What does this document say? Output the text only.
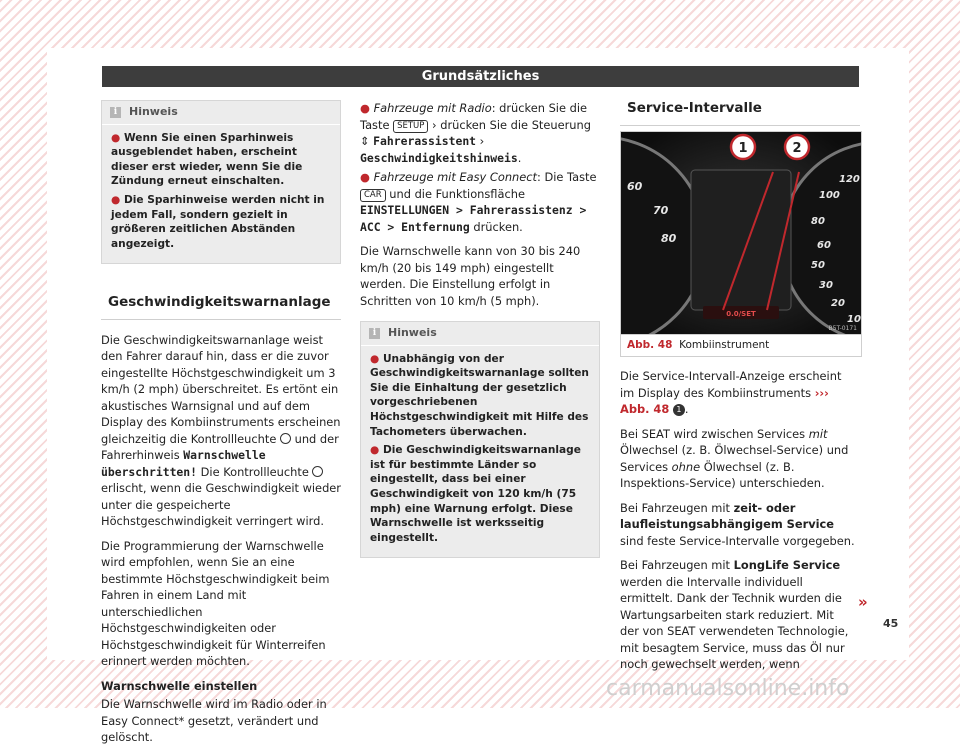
Grundsätzliches
i	Hinweis
● Wenn Sie einen Sparhinweis ausgeblendet haben, erscheint dieser erst wieder, wenn Sie die Zündung erneut einschalten.
● Die Sparhinweise werden nicht in jedem Fall, sondern gezielt in größeren zeitlichen Abständen angezeigt.
Geschwindigkeitswarnanlage

Die Geschwindigkeitswarnanlage weist den Fahrer darauf hin, dass er die zuvor eingestellte Höchstgeschwindigkeit um 3 km/h (2 mph) überschreitet. Es ertönt ein akustisches Warnsignal und auf dem Display des Kombiinstruments erscheinen gleichzeitig die Kontrollleuchte und der Fahrerhinweis Warnschwelle überschritten! Die Kontrollleuchte  erlischt, wenn die Geschwindigkeit wieder unter die gespeicherte Höchstgeschwindigkeit verringert wird.

Die Programmierung der Warnschwelle wird empfohlen, wenn Sie an eine bestimmte Höchstgeschwindigkeit beim Fahren in einem Land mit unterschiedlichen Höchstgeschwindigkeiten oder Höchstgeschwindigkeit für Winterreifen erinnert werden möchten.

Warnschwelle einstellen

Die Warnschwelle wird im Radio oder in Easy Connect* gesetzt, verändert und gelöscht.

● Fahrzeuge mit Radio: drücken Sie die Taste SETUP › drücken Sie die Steuerung ⇕ Fahrerassistent › Geschwindigkeitshinweis.

● Fahrzeuge mit Easy Connect: Die Taste CAR und die Funktionsfläche EINSTELLUNGEN > Fahrerassistenz > ACC > Entfernung drücken.

Die Warnschwelle kann von 30 bis 240 km/h (20 bis 149 mph) eingestellt werden. Die Einstellung erfolgt in Schritten von 10 km/h (5 mph).

i	Hinweis
● Unabhängig von der Geschwindigkeitswarnanlage sollten Sie die Einhaltung der gesetzlich vorgeschriebenen Höchstgeschwindigkeit mit Hilfe des Tachometers überwachen.
● Die Geschwindigkeitswarnanlage ist für bestimmte Länder so eingestellt, dass bei einer Geschwindigkeit von 120 km/h (75 mph) eine Warnung erfolgt. Diese Warnschwelle ist werksseitig eingestellt.
Service-Intervalle
0.0/SET
1	2
60
70
80
120
100
80
60
50
30
20
10
B5T-0171
Abb. 48 Kombiinstrument

Die Service-Intervall-Anzeige erscheint im Display des Kombiinstruments ››› Abb. 48 1 .

Bei SEAT wird zwischen Services mit Ölwechsel (z. B. Ölwechsel-Service) und Services ohne Ölwechsel (z. B. Inspektions-Service) unterschieden.

Bei Fahrzeugen mit zeit- oder laufleistungsabhängigem Service sind feste Service-Intervalle vorgegeben.

Bei Fahrzeugen mit LongLife Service werden die Intervalle individuell ermittelt. Dank der Technik wurden die Wartungsarbeiten stark reduziert. Mit der von SEAT verwendeten Technologie, mit besagtem Service, muss das Öl nur noch gewechselt werden, wenn

»
45
carmanualsonline.info
